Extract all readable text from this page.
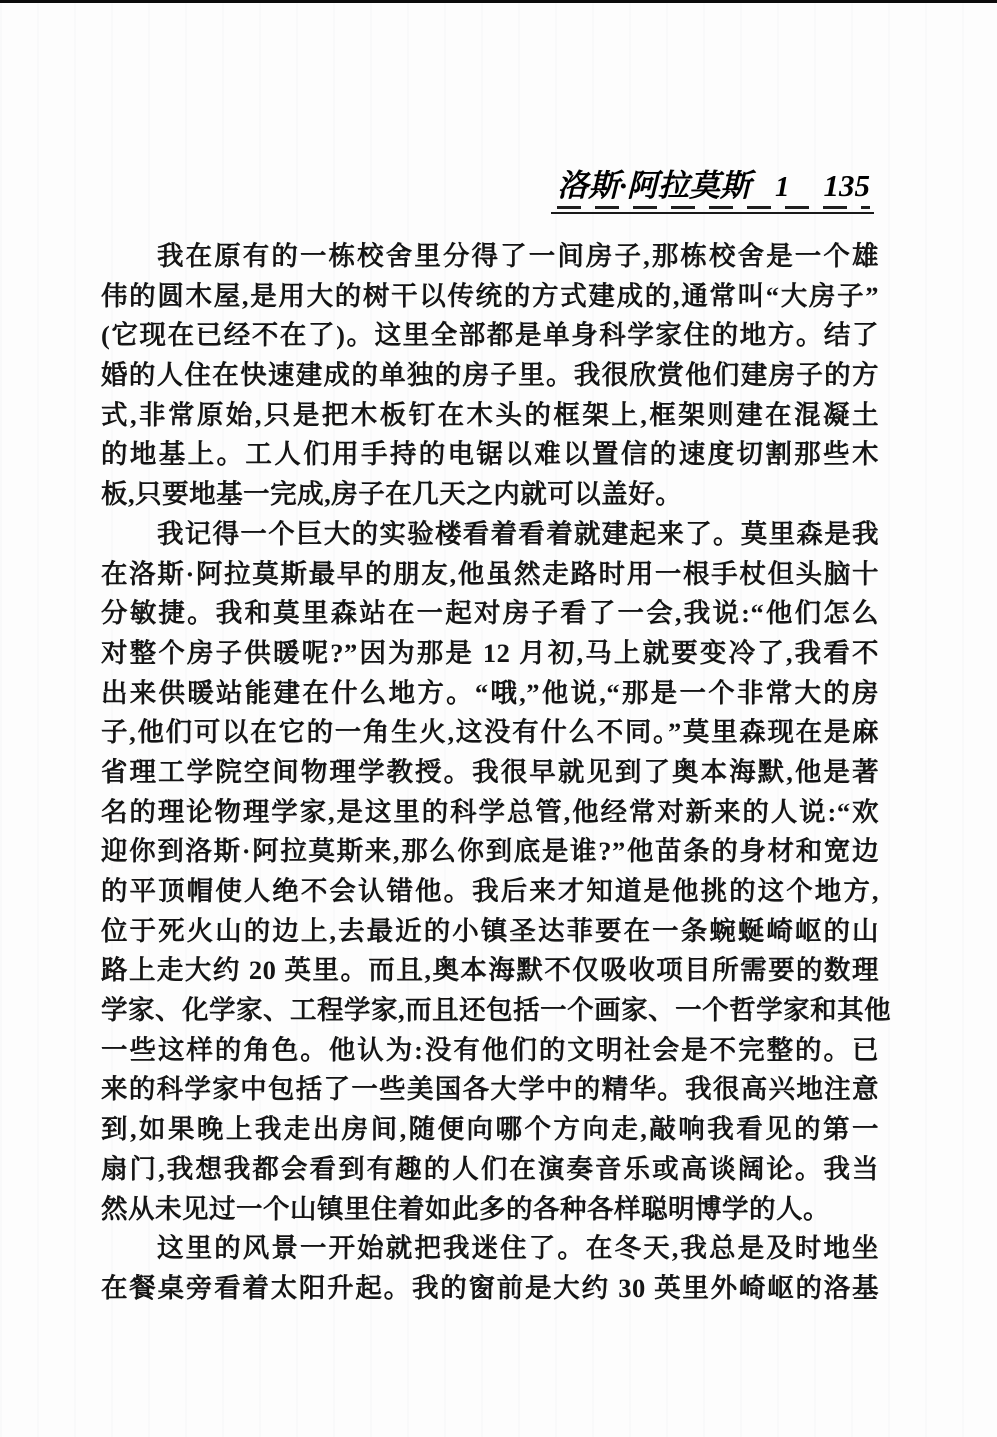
洛斯·阿拉莫斯 1 135
我在原有的一栋校舍里分得了一间房子,那栋校舍是一个雄
伟的圆木屋,是用大的树干以传统的方式建成的,通常叫“大房子”
(它现在已经不在了)。这里全部都是单身科学家住的地方。结了
婚的人住在快速建成的单独的房子里。我很欣赏他们建房子的方
式,非常原始,只是把木板钉在木头的框架上,框架则建在混凝土
的地基上。工人们用手持的电锯以难以置信的速度切割那些木
板,只要地基一完成,房子在几天之内就可以盖好。
我记得一个巨大的实验楼看着看着就建起来了。莫里森是我
在洛斯·阿拉莫斯最早的朋友,他虽然走路时用一根手杖但头脑十
分敏捷。我和莫里森站在一起对房子看了一会,我说:“他们怎么
对整个房子供暖呢?”因为那是 12 月初,马上就要变冷了,我看不
出来供暖站能建在什么地方。“哦,”他说,“那是一个非常大的房
子,他们可以在它的一角生火,这没有什么不同。”莫里森现在是麻
省理工学院空间物理学教授。我很早就见到了奥本海默,他是著
名的理论物理学家,是这里的科学总管,他经常对新来的人说:“欢
迎你到洛斯·阿拉莫斯来,那么你到底是谁?”他苗条的身材和宽边
的平顶帽使人绝不会认错他。我后来才知道是他挑的这个地方,
位于死火山的边上,去最近的小镇圣达菲要在一条蜿蜒崎岖的山
路上走大约 20 英里。而且,奥本海默不仅吸收项目所需要的数理
学家、化学家、工程学家,而且还包括一个画家、一个哲学家和其他
一些这样的角色。他认为:没有他们的文明社会是不完整的。已
来的科学家中包括了一些美国各大学中的精华。我很高兴地注意
到,如果晚上我走出房间,随便向哪个方向走,敲响我看见的第一
扇门,我想我都会看到有趣的人们在演奏音乐或高谈阔论。我当
然从未见过一个山镇里住着如此多的各种各样聪明博学的人。
这里的风景一开始就把我迷住了。在冬天,我总是及时地坐
在餐桌旁看着太阳升起。我的窗前是大约 30 英里外崎岖的洛基
